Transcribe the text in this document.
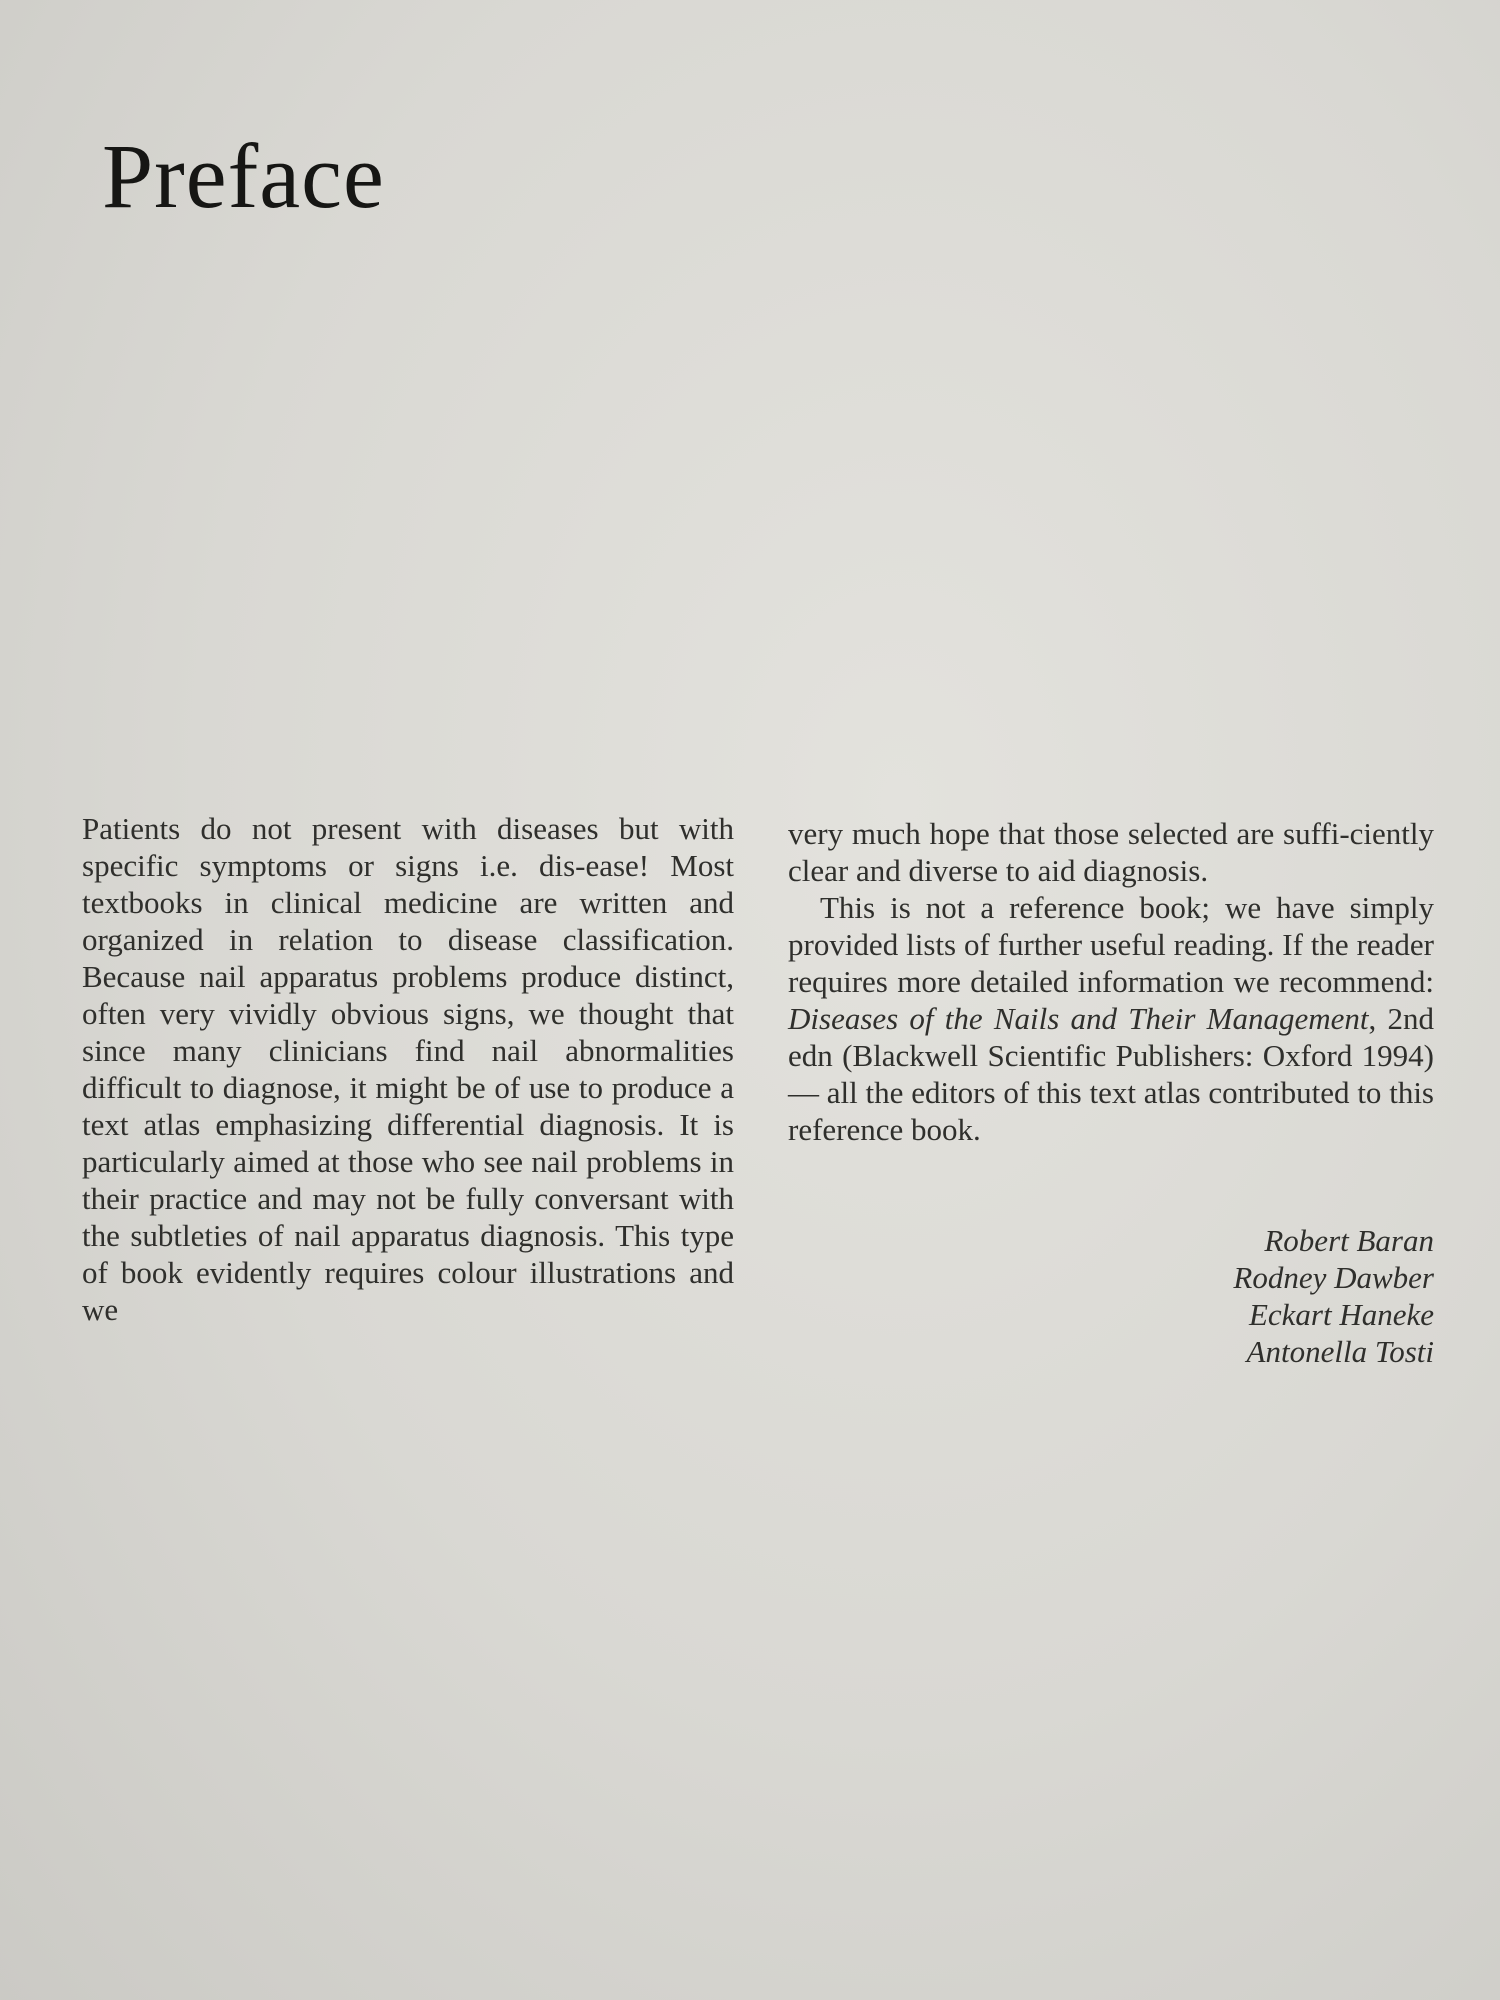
Preface

Patients do not present with diseases but with specific symptoms or signs i.e. dis-ease! Most textbooks in clinical medicine are written and organized in relation to disease classification. Because nail apparatus problems produce distinct, often very vividly obvious signs, we thought that since many clinicians find nail abnormalities difficult to diagnose, it might be of use to produce a text atlas emphasizing differential diagnosis. It is particularly aimed at those who see nail problems in their practice and may not be fully conversant with the subtleties of nail apparatus diagnosis. This type of book evidently requires colour illustrations and we

very much hope that those selected are suffi-ciently clear and diverse to aid diagnosis.

This is not a reference book; we have simply provided lists of further useful reading. If the reader requires more detailed information we recommend: Diseases of the Nails and Their Management, 2nd edn (Blackwell Scientific Publishers: Oxford 1994) — all the editors of this text atlas contributed to this reference book.

Robert Baran
Rodney Dawber
Eckart Haneke
Antonella Tosti
